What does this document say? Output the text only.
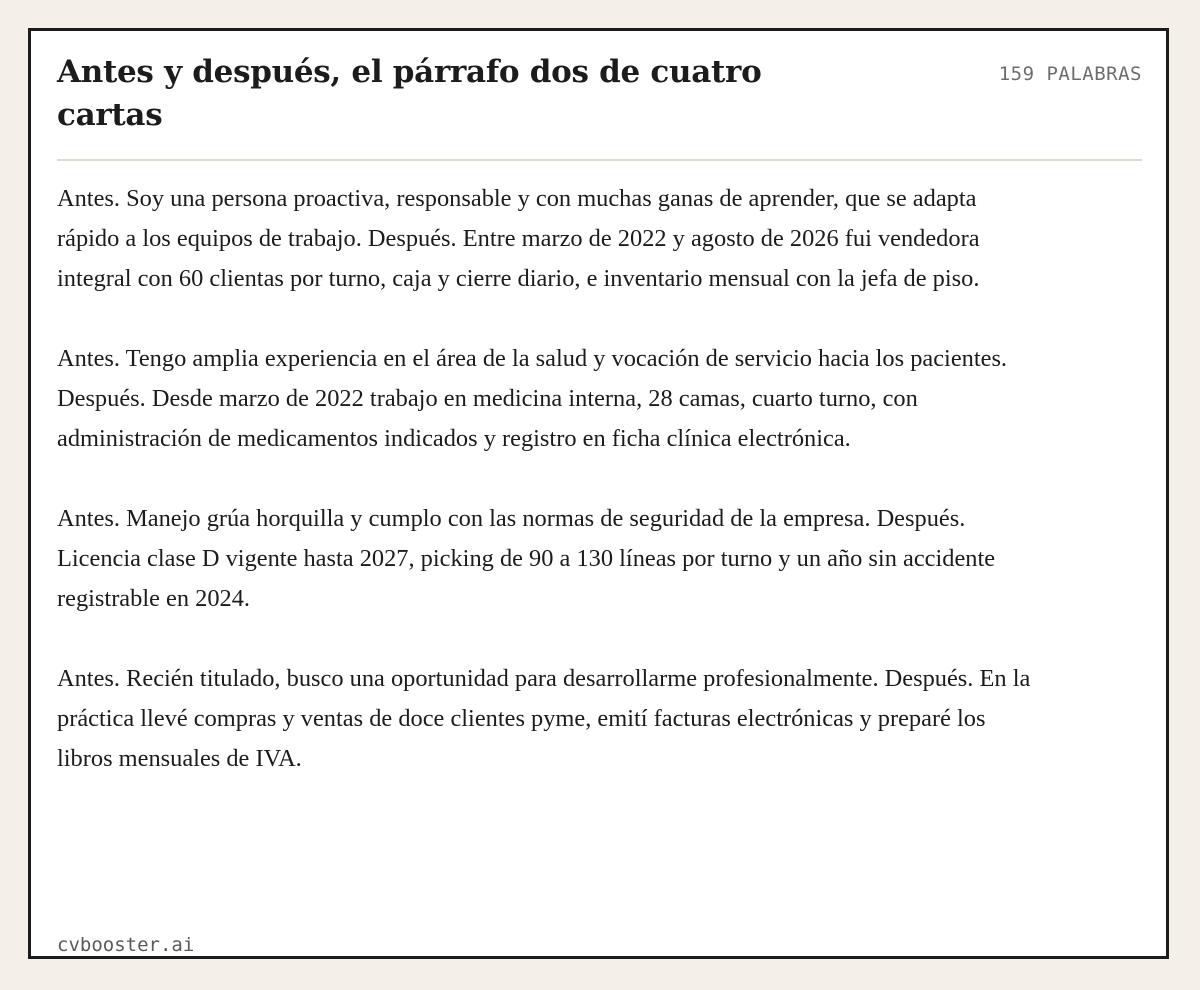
Antes y después, el párrafo dos de cuatro cartas
159 PALABRAS

Antes. Soy una persona proactiva, responsable y con muchas ganas de aprender, que se adapta rápido a los equipos de trabajo. Después. Entre marzo de 2022 y agosto de 2026 fui vendedora integral con 60 clientas por turno, caja y cierre diario, e inventario mensual con la jefa de piso.

Antes. Tengo amplia experiencia en el área de la salud y vocación de servicio hacia los pacientes. Después. Desde marzo de 2022 trabajo en medicina interna, 28 camas, cuarto turno, con administración de medicamentos indicados y registro en ficha clínica electrónica.

Antes. Manejo grúa horquilla y cumplo con las normas de seguridad de la empresa. Después. Licencia clase D vigente hasta 2027, picking de 90 a 130 líneas por turno y un año sin accidente registrable en 2024.

Antes. Recién titulado, busco una oportunidad para desarrollarme profesionalmente. Después. En la práctica llevé compras y ventas de doce clientes pyme, emití facturas electrónicas y preparé los libros mensuales de IVA.

cvbooster.ai
